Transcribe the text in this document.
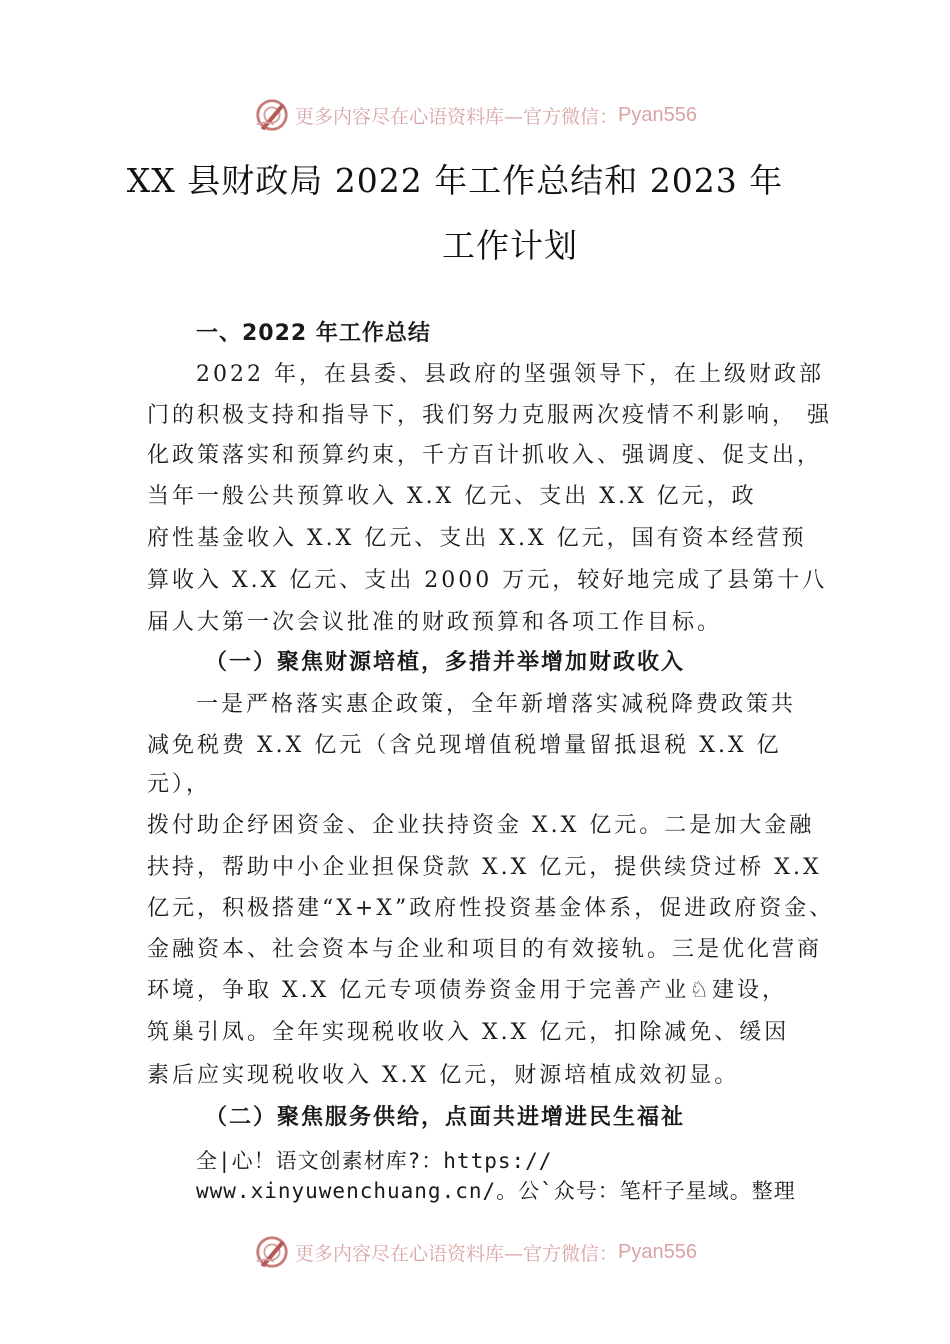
更多内容尽在心语资料库—官方微信： Pyan556
XX 县财政局 2022 年工作总结和 2023 年
工作计划
一、2022 年工作总结
2022 年，在县委、县政府的坚强领导下，在上级财政部
门的积极支持和指导下，我们努力克服两次疫情不利影响， 强
化政策落实和预算约束，千方百计抓收入、强调度、促支出，
当年一般公共预算收入 X.X 亿元、支出 X.X 亿元，政
府性基金收入 X.X 亿元、支出 X.X 亿元，国有资本经营预
算收入 X.X 亿元、支出 2000 万元，较好地完成了县第十八
届人大第一次会议批准的财政预算和各项工作目标。
（一）聚焦财源培植，多措并举增加财政收入
一是严格落实惠企政策，全年新增落实减税降费政策共
减免税费 X.X 亿元（含兑现增值税增量留抵退税 X.X 亿
元），
拨付助企纾困资金、企业扶持资金 X.X 亿元。二是加大金融
扶持，帮助中小企业担保贷款 X.X 亿元，提供续贷过桥 X.X
亿元，积极搭建“X+X”政府性投资基金体系，促进政府资金、
金融资本、社会资本与企业和项目的有效接轨。三是优化营商
环境，争取 X.X 亿元专项债券资金用于完善产业♘建设，
筑巢引凤。全年实现税收收入 X.X 亿元，扣除减免、缓因
素后应实现税收收入 X.X 亿元，财源培植成效初显。
（二）聚焦服务供给，点面共进增进民生福祉
全|心！语文创素材库?：https://
www.xinyuwenchuang.cn/。公`众号：笔杆子星域。整理
更多内容尽在心语资料库—官方微信： Pyan556
